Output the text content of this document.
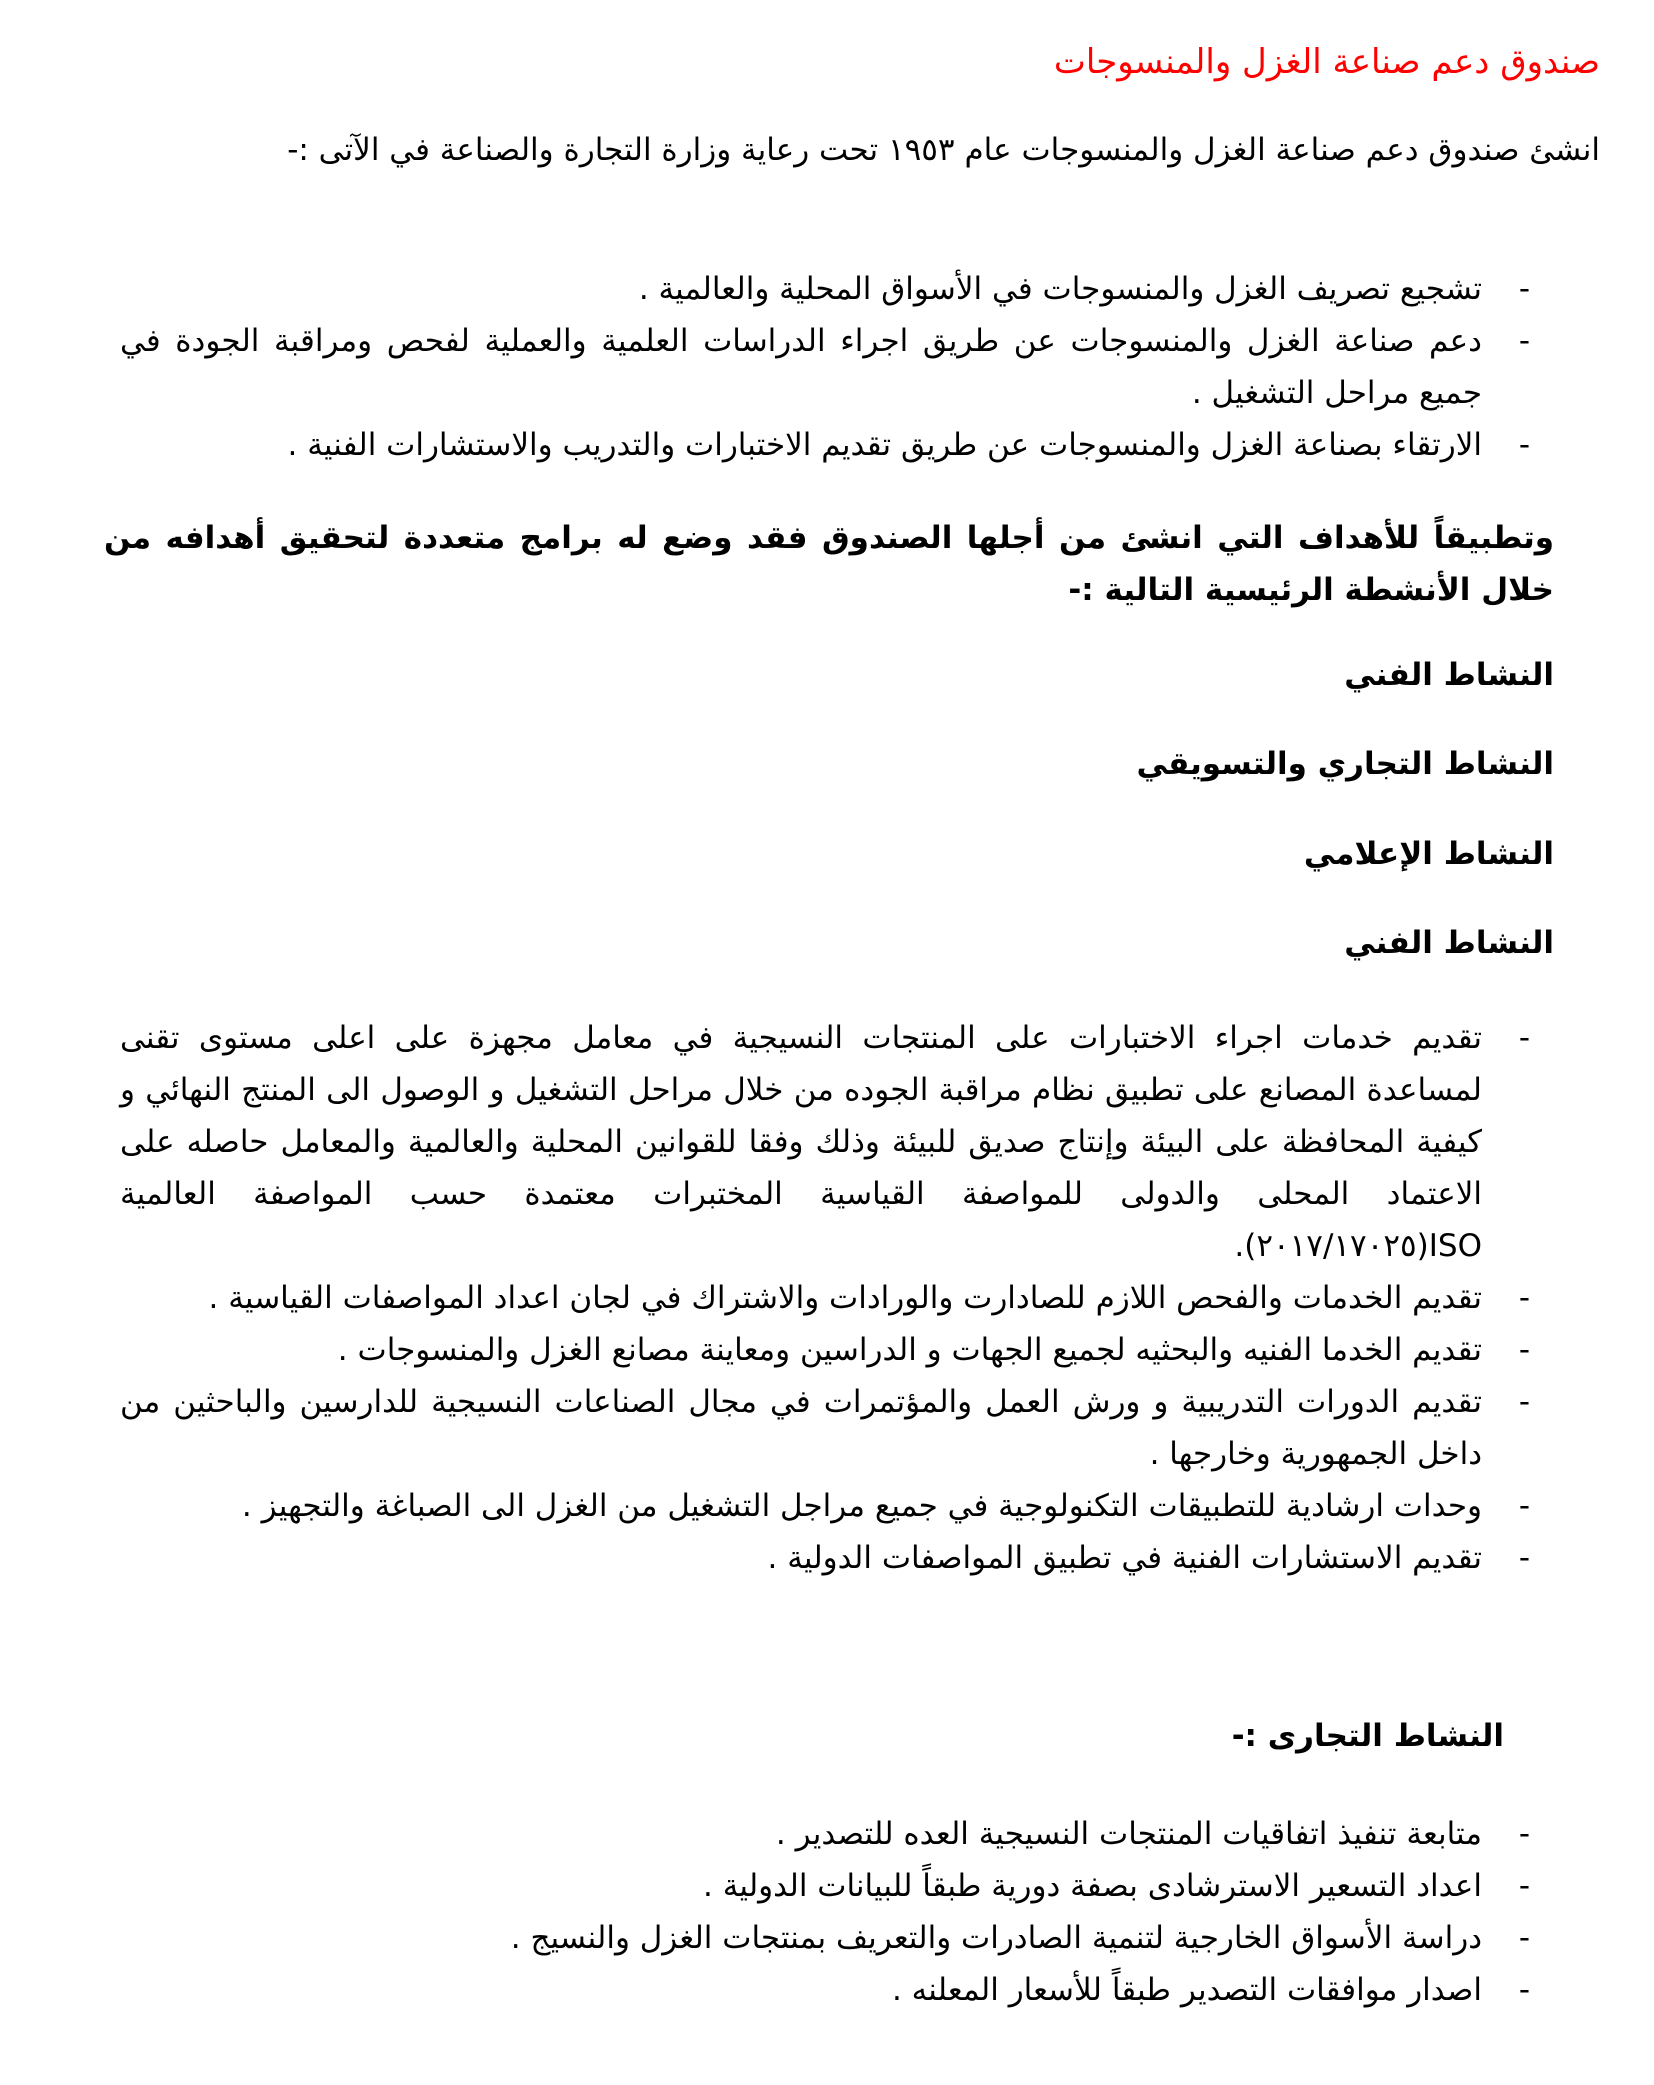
صندوق دعم صناعة الغزل والمنسوجات

انشئ صندوق دعم صناعة الغزل والمنسوجات عام ١٩٥٣ تحت رعاية وزارة التجارة والصناعة في الآتى :-

-
تشجيع تصريف الغزل والمنسوجات في الأسواق المحلية والعالمية .
-
دعم صناعة الغزل والمنسوجات عن طريق اجراء الدراسات العلمية والعملية لفحص ومراقبة الجودة في جميع مراحل التشغيل .
-
الارتقاء بصناعة الغزل والمنسوجات عن طريق تقديم الاختبارات والتدريب والاستشارات الفنية .

وتطبيقاً للأهداف التي انشئ من أجلها الصندوق فقد وضع له برامج متعددة لتحقيق أهدافه من خلال الأنشطة الرئيسية التالية :-

النشاط الفني

النشاط التجاري والتسويقي

النشاط الإعلامي

النشاط الفني

-
تقديم خدمات اجراء الاختبارات على المنتجات النسيجية في معامل مجهزة على اعلى مستوى تقنى لمساعدة المصانع على تطبيق نظام مراقبة الجوده من خلال مراحل التشغيل و الوصول الى المنتج النهائي و كيفية المحافظة على البيئة وإنتاج صديق للبيئة وذلك وفقا للقوانين المحلية والعالمية والمعامل حاصله على الاعتماد المحلى والدولى للمواصفة القياسية المختبرات معتمدة حسب المواصفة العالمية ISO(٢٠١٧/١٧٠٢٥).
-
تقديم الخدمات والفحص اللازم للصادارت والورادات والاشتراك في لجان اعداد المواصفات القياسية .
-
تقديم الخدما الفنيه والبحثيه لجميع الجهات و الدراسين ومعاينة مصانع الغزل والمنسوجات .
-
تقديم الدورات التدريبية و ورش العمل والمؤتمرات في مجال الصناعات النسيجية للدارسين والباحثين من داخل الجمهورية وخارجها .
-
وحدات ارشادية للتطبيقات التكنولوجية في جميع مراجل التشغيل من الغزل الى الصباغة والتجهيز .
-
تقديم الاستشارات الفنية في تطبيق المواصفات الدولية .

النشاط التجارى :-

-
متابعة تنفيذ اتفاقيات المنتجات النسيجية العده للتصدير .
-
اعداد التسعير الاسترشادى بصفة دورية طبقاً للبيانات الدولية .
-
دراسة الأسواق الخارجية لتنمية الصادرات والتعريف بمنتجات الغزل والنسيج .
-
اصدار موافقات التصدير طبقاً للأسعار المعلنه .
